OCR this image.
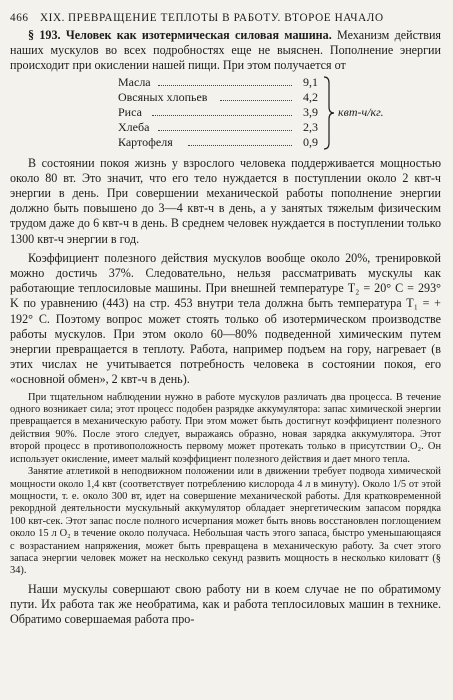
466	XIX. ПРЕВРАЩЕНИЕ ТЕПЛОТЫ В РАБОТУ. ВТОРОЕ НАЧАЛО

§ 193. Человек как изотермическая силовая машина. Механизм действия наших мускулов во всех подробностях еще не выяснен. Пополнение энергии происходит при окислении нашей пищи. При этом получается от

Масла	9,1
Овсяных хлопьев	4,2
Риса	3,9
Хлеба	2,3
Картофеля	0,9
квт-ч/кг.

В состоянии покоя жизнь у взрослого человека поддерживается мощностью около 80 вт. Это значит, что его тело нуждается в поступлении около 2 квт-ч энергии в день. При совершении механической работы пополнение энергии должно быть повышено до 3—4 квт-ч в день, а у занятых тяжелым физическим трудом даже до 6 квт-ч в день. В среднем человек нуждается в поступлении только 1300 квт-ч энергии в год.

Коэффициент полезного действия мускулов вообще около 20%, тренировкой можно достичь 37%. Следовательно, нельзя рассматривать мускулы как работающие теплосиловые машины. При внешней температуре T₂ = 20° C = 293° K по уравнению (443) на стр. 453 внутри тела должна быть температура T₁ = + 192° C. Поэтому вопрос может стоять только об изотермическом производстве работы мускулов. При этом около 60—80% подведенной химическим путем энергии превращается в теплоту. Работа, например подъем на гору, нагревает (в этих числах не учитывается потребность человека в состоянии покоя, его «основной обмен», 2 квт-ч в день).

При тщательном наблюдении нужно в работе мускулов различать два процесса. В течение одного возникает сила; этот процесс подобен разрядке аккумулятора: запас химической энергии превращается в механическую работу. При этом может быть достигнут коэффициент полезного действия 90%. После этого следует, выражаясь образно, новая зарядка аккумулятора. Этот второй процесс в противоположность первому может протекать только в присутствии O₂. Он использует окисление, имеет малый коэффициент полезного действия и дает много тепла.

Занятие атлетикой в неподвижном положении или в движении требует подвода химической мощности около 1,4 квт (соответствует потреблению кислорода 4 л в минуту). Около 1/5 от этой мощности, т. е. около 300 вт, идет на совершение механической работы. Для кратковременной рекордной деятельности мускульный аккумулятор обладает энергетическим запасом порядка 100 квт-сек. Этот запас после полного исчерпания может быть вновь восстановлен поглощением около 15 л O₂ в течение около получаса. Небольшая часть этого запаса, быстро уменьшающаяся с возрастанием напряжения, может быть превращена в механическую работу. За счет этого запаса энергии человек может на несколько секунд развить мощность в несколько киловатт (§ 34).

Наши мускулы совершают свою работу ни в коем случае не по обратимому пути. Их работа так же необратима, как и работа теплосиловых машин в технике. Обратимо совершаемая работа про-
